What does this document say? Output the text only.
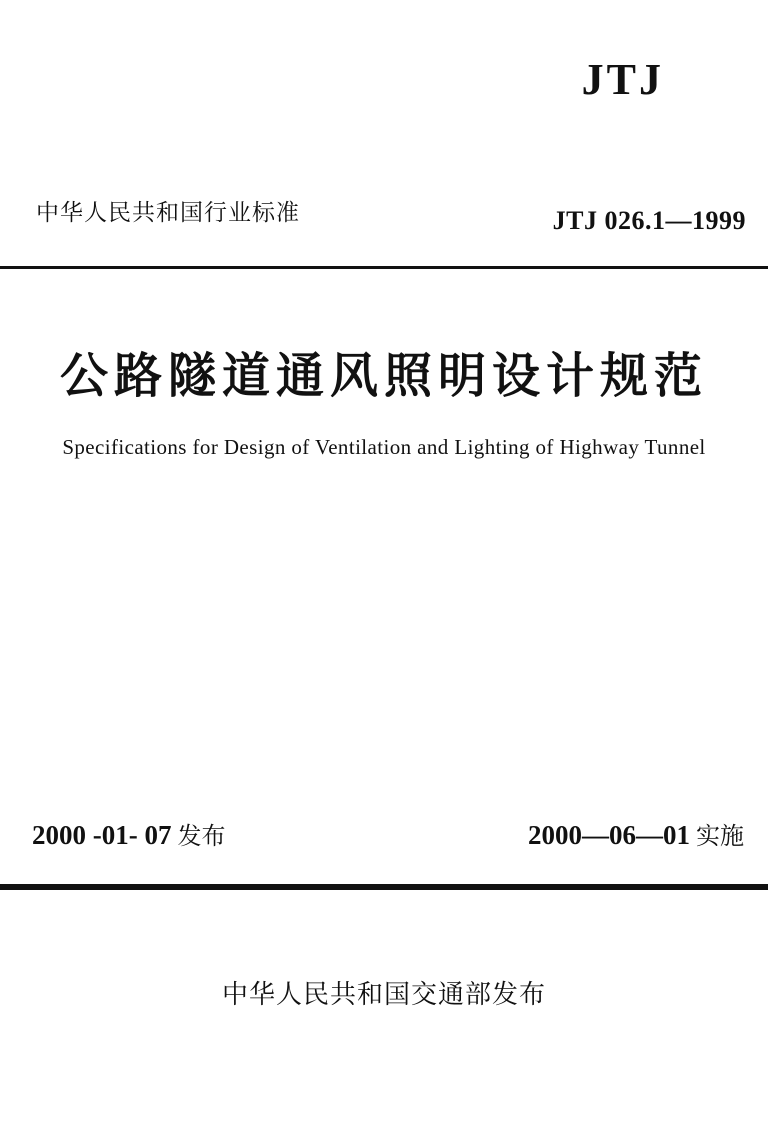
JTJ
中华人民共和国行业标准	JTJ 026.1—1999
公路隧道通风照明设计规范
Specifications for Design of Ventilation and Lighting of Highway Tunnel
2000 -01- 07 发布	2000—06—01 实施
中华人民共和国交通部发布
